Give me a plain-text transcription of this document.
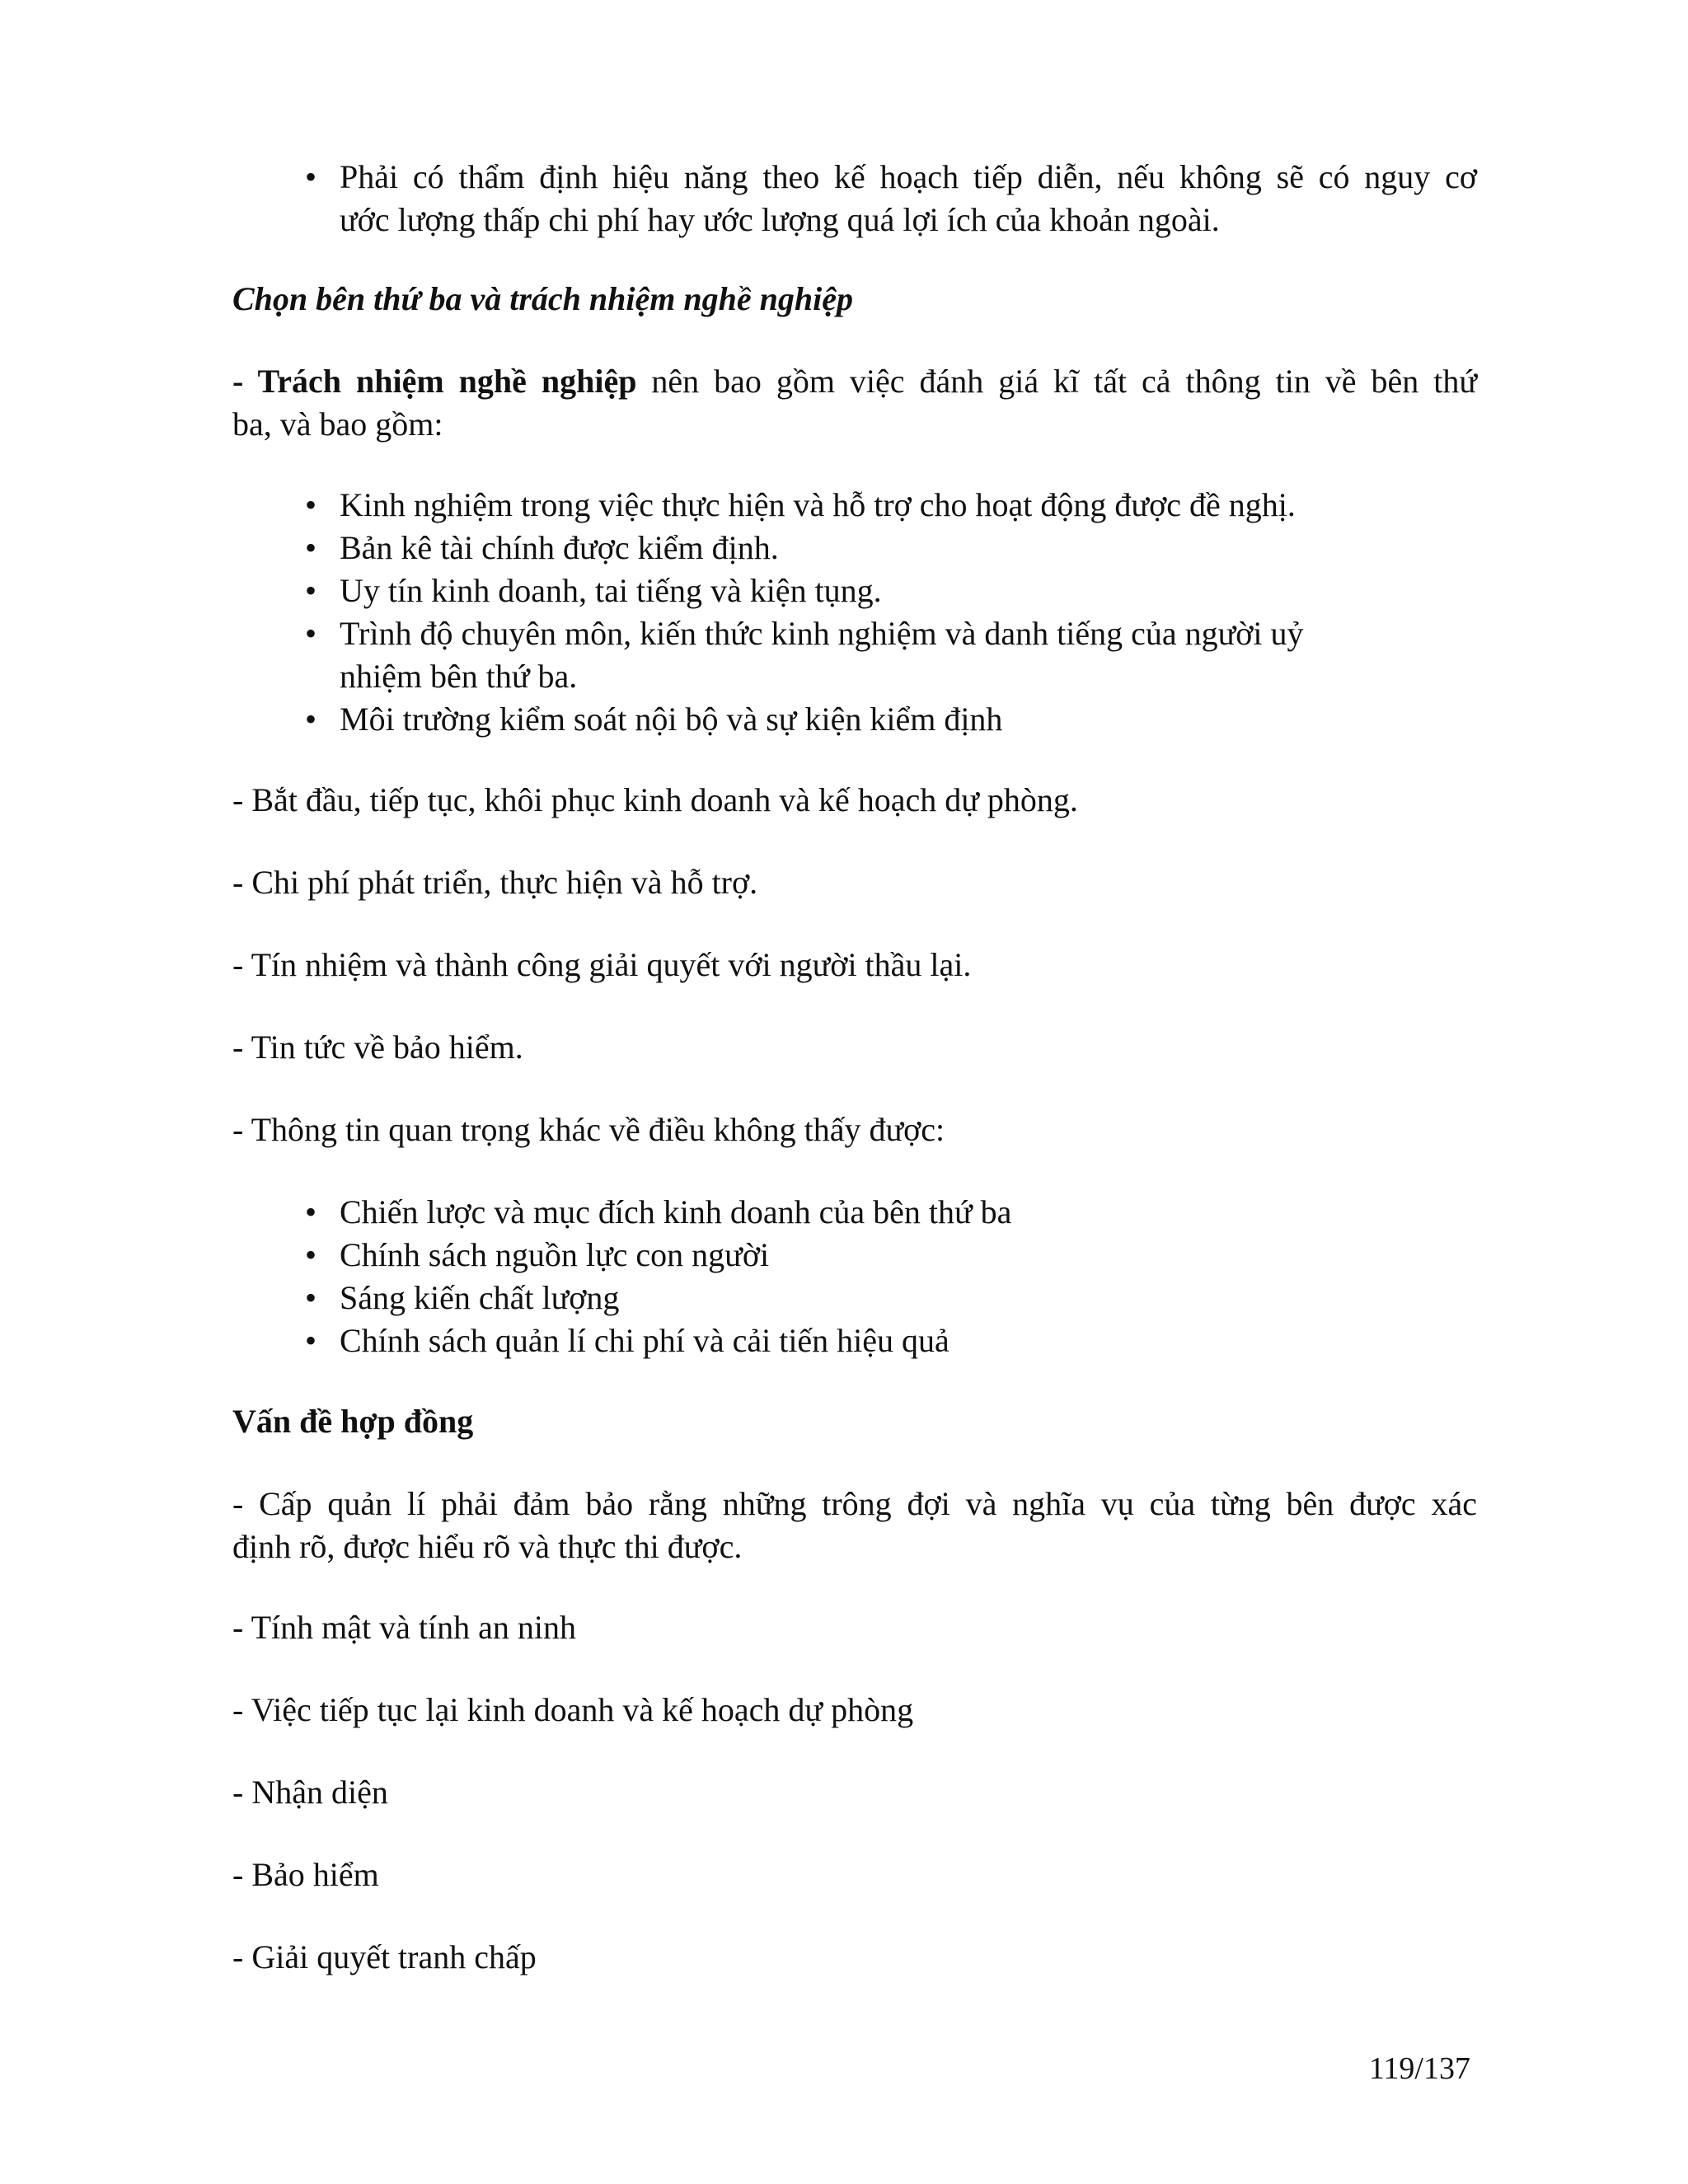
• Phải có thẩm định hiệu năng theo kế hoạch tiếp diễn, nếu không sẽ có nguy cơ
ước lượng thấp chi phí hay ước lượng quá lợi ích của khoản ngoài.
Chọn bên thứ ba và trách nhiệm nghề nghiệp
- Trách nhiệm nghề nghiệp nên bao gồm việc đánh giá kĩ tất cả thông tin về bên thứ
ba, và bao gồm:
• Kinh nghiệm trong việc thực hiện và hỗ trợ cho hoạt động được đề nghị.
• Bản kê tài chính được kiểm định.
• Uy tín kinh doanh, tai tiếng và kiện tụng.
• Trình độ chuyên môn, kiến thức kinh nghiệm và danh tiếng của người uỷ
nhiệm bên thứ ba.
• Môi trường kiểm soát nội bộ và sự kiện kiểm định
- Bắt đầu, tiếp tục, khôi phục kinh doanh và kế hoạch dự phòng.
- Chi phí phát triển, thực hiện và hỗ trợ.
- Tín nhiệm và thành công giải quyết với người thầu lại.
- Tin tức về bảo hiểm.
- Thông tin quan trọng khác về điều không thấy được:
• Chiến lược và mục đích kinh doanh của bên thứ ba
• Chính sách nguồn lực con người
• Sáng kiến chất lượng
• Chính sách quản lí chi phí và cải tiến hiệu quả
Vấn đề hợp đồng
- Cấp quản lí phải đảm bảo rằng những trông đợi và nghĩa vụ của từng bên được xác
định rõ, được hiểu rõ và thực thi được.
- Tính mật và tính an ninh
- Việc tiếp tục lại kinh doanh và kế hoạch dự phòng
- Nhận diện
- Bảo hiểm
- Giải quyết tranh chấp
119/137
